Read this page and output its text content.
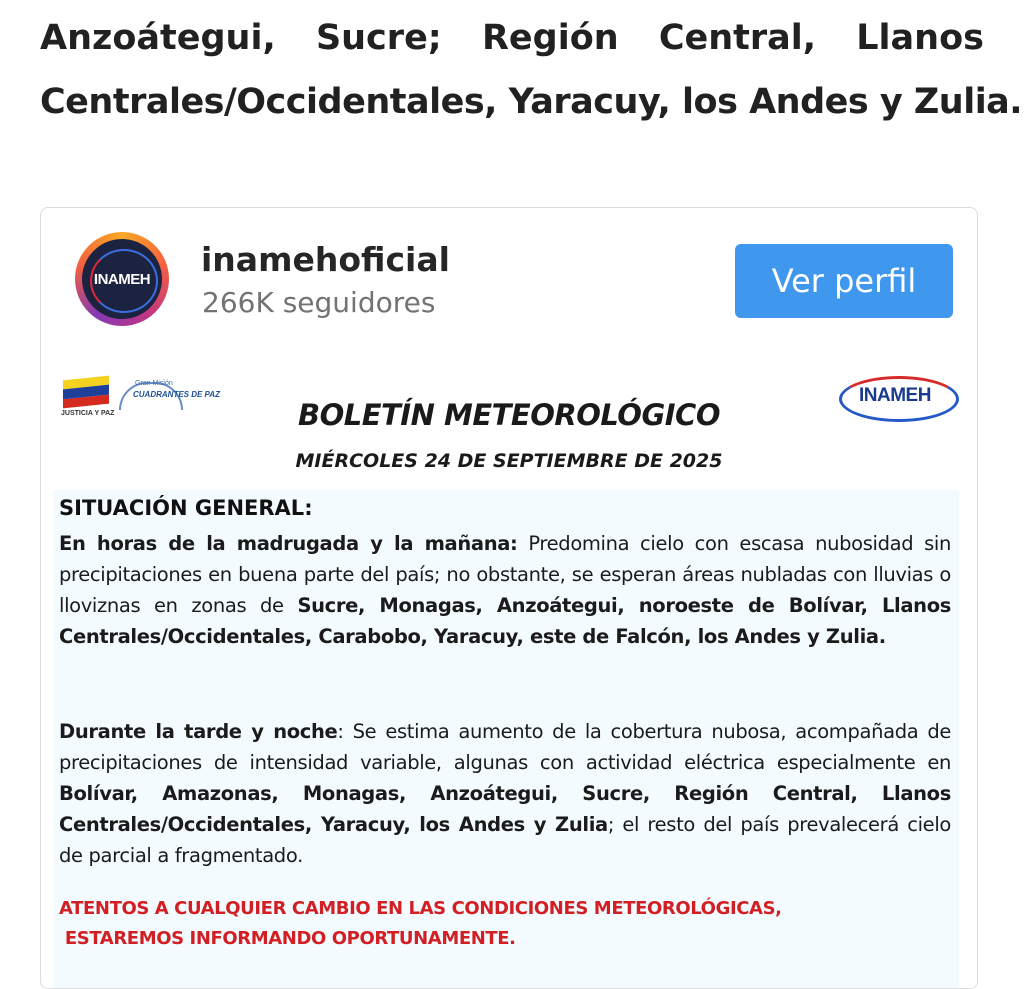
Anzoátegui, Sucre; Región Central, Llanos
Centrales/Occidentales, Yaracuy, los Andes y Zulia.
INAMEH inamehoficial
266K seguidores
Ver perfil
JUSTICIA Y PAZ
Gran Misión
CUADRANTES DE PAZ	INAMEH
BOLETÍN METEOROLÓGICO
MIÉRCOLES 24 DE SEPTIEMBRE DE 2025
SITUACIÓN GENERAL:
En horas de la madrugada y la mañana: Predomina cielo con escasa nubosidad sin precipitaciones en buena parte del país; no obstante, se esperan áreas nubladas con lluvias o lloviznas en zonas de Sucre, Monagas, Anzoátegui, noroeste de Bolívar, Llanos Centrales/Occidentales, Carabobo, Yaracuy, este de Falcón, los Andes y Zulia.
Durante la tarde y noche: Se estima aumento de la cobertura nubosa, acompañada de precipitaciones de intensidad variable, algunas con actividad eléctrica especialmente en Bolívar, Amazonas, Monagas, Anzoátegui, Sucre, Región Central, Llanos Centrales/Occidentales, Yaracuy, los Andes y Zulia; el resto del país prevalecerá cielo de parcial a fragmentado.
ATENTOS A CUALQUIER CAMBIO EN LAS CONDICIONES METEOROLÓGICAS,
ESTAREMOS INFORMANDO OPORTUNAMENTE.
